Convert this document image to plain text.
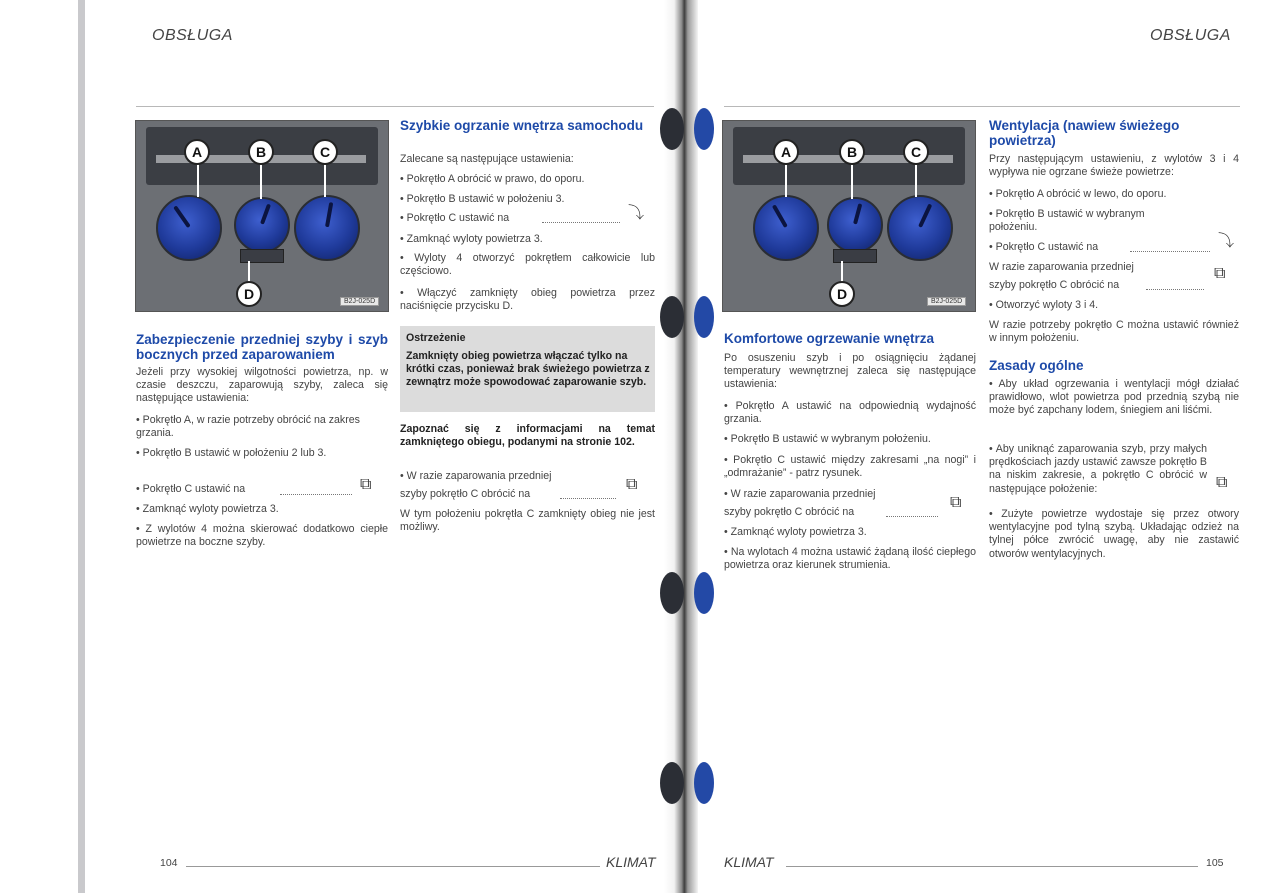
OBSŁUGA
A	B	C
D	B2J-025D
Zabezpieczenie przedniej szyby i szyb bocznych przed zaparowaniem
Jeżeli przy wysokiej wilgotności powietrza, np. w czasie deszczu, zaparowują szyby, zaleca się następujące ustawienia:
• Pokrętło A, w razie potrzeby obrócić na zakres grzania.
• Pokrętło B ustawić w położeniu 2 lub 3.
• Pokrętło C ustawić na	⧉
• Zamknąć wyloty powietrza 3.
• Z wylotów 4 można skierować dodatkowo ciepłe powietrze na boczne szyby.
Szybkie ogrzanie wnętrza samochodu
Zalecane są następujące ustawienia:
• Pokrętło A obrócić w prawo, do oporu.
• Pokrętło B ustawić w położeniu 3.
• Pokrętło C ustawić na	⤵
• Zamknąć wyloty powietrza 3.
• Wyloty 4 otworzyć pokrętłem całkowicie lub częściowo.
• Włączyć zamknięty obieg powietrza przez naciśnięcie przycisku D.
Ostrzeżenie
Zamknięty obieg powietrza włączać tylko na krótki czas, ponieważ brak świeżego powietrza z zewnątrz może spowodować zaparowanie szyb.
Zapoznać się z informacjami na temat zamkniętego obiegu, podanymi na stronie 102.
• W razie zaparowania przedniej
szyby pokrętło C obrócić na
⧉
W tym położeniu pokrętła C zamknięty obieg nie jest możliwy.
104	KLIMAT
OBSŁUGA
A	B	C
D	B2J-025D
Komfortowe ogrzewanie wnętrza
Po osuszeniu szyb i po osiągnięciu żądanej temperatury wewnętrznej zaleca się następujące ustawienia:
• Pokrętło A ustawić na odpowiednią wydajność grzania.
• Pokrętło B ustawić w wybranym położeniu.
• Pokrętło C ustawić między zakresami „na nogi” i „odmrażanie” - patrz rysunek.
• W razie zaparowania przedniej
szyby pokrętło C obrócić na
⧉
• Zamknąć wyloty powietrza 3.
• Na wylotach 4 można ustawić żądaną ilość ciepłego powietrza oraz kierunek strumienia.
Wentylacja (nawiew świeżego powietrza)
Przy następującym ustawieniu, z wylotów 3 i 4 wypływa nie ogrzane świeże powietrze:
• Pokrętło A obrócić w lewo, do oporu.
• Pokrętło B ustawić w wybranym położeniu.
• Pokrętło C ustawić na	⤵
W razie zaparowania przedniej
szyby pokrętło C obrócić na
⧉
• Otworzyć wyloty 3 i 4.
W razie potrzeby pokrętło C można ustawić również w innym położeniu.
Zasady ogólne
• Aby układ ogrzewania i wentylacji mógł działać prawidłowo, wlot powietrza pod przednią szybą nie może być zapchany lodem, śniegiem ani liśćmi.
• Aby uniknąć zaparowania szyb, przy małych prędkościach jazdy ustawić zawsze pokrętło B na niskim zakresie, a pokrętło C obrócić w następujące położenie:	⧉
• Zużyte powietrze wydostaje się przez otwory wentylacyjne pod tylną szybą. Układając odzież na tylnej półce zwrócić uwagę, aby nie zastawić otworów wentylacyjnych.
KLIMAT	105
